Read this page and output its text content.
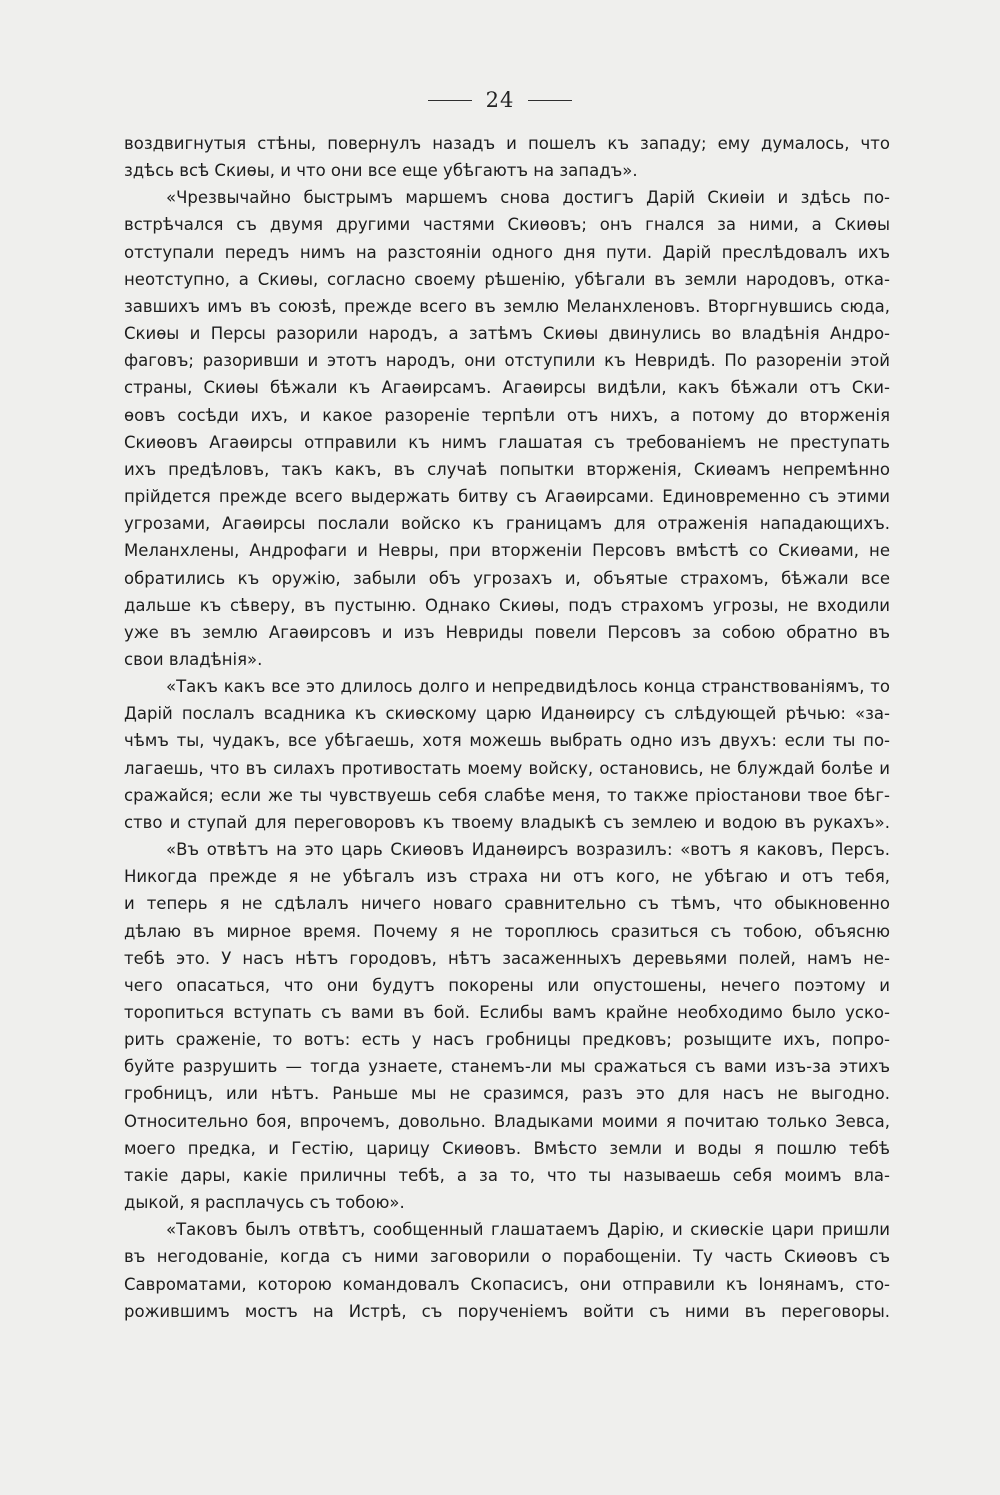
24
воздвигнутыя стѣны, повернулъ назадъ и пошелъ къ западу; ему думалось, что
здѣсь всѣ Скиѳы, и что они все еще убѣгаютъ на западъ».
«Чрезвычайно быстрымъ маршемъ снова достигъ Дарій Скиѳіи и здѣсь по-
встрѣчался съ двумя другими частями Скиѳовъ; онъ гнался за ними, а Скиѳы
отступали передъ нимъ на разстояніи одного дня пути. Дарій преслѣдовалъ ихъ
неотступно, а Скиѳы, согласно своему рѣшенію, убѣгали въ земли народовъ, отка-
завшихъ имъ въ союзѣ, прежде всего въ землю Меланхленовъ. Вторгнувшись сюда,
Скиѳы и Персы разорили народъ, а затѣмъ Скиѳы двинулись во владѣнія Андро-
фаговъ; разоривши и этотъ народъ, они отступили къ Невридѣ. По разореніи этой
страны, Скиѳы бѣжали къ Агаѳирсамъ. Агаѳирсы видѣли, какъ бѣжали отъ Ски-
ѳовъ сосѣди ихъ, и какое разореніе терпѣли отъ нихъ, а потому до вторженія
Скиѳовъ Агаѳирсы отправили къ нимъ глашатая съ требованіемъ не преступать
ихъ предѣловъ, такъ какъ, въ случаѣ попытки вторженія, Скиѳамъ непремѣнно
прійдется прежде всего выдержать битву съ Агаѳирсами. Единовременно съ этими
угрозами, Агаѳирсы послали войско къ границамъ для отраженія нападающихъ.
Меланхлены, Андрофаги и Невры, при вторженіи Персовъ вмѣстѣ со Скиѳами, не
обратились къ оружію, забыли объ угрозахъ и, объятые страхомъ, бѣжали все
дальше къ сѣверу, въ пустыню. Однако Скиѳы, подъ страхомъ угрозы, не входили
уже въ землю Агаѳирсовъ и изъ Невриды повели Персовъ за собою обратно въ
свои владѣнія».
«Такъ какъ все это длилось долго и непредвидѣлось конца странствованіямъ, то
Дарій послалъ всадника къ скиѳскому царю Иданѳирсу съ слѣдующей рѣчью: «за-
чѣмъ ты, чудакъ, все убѣгаешь, хотя можешь выбрать одно изъ двухъ: если ты по-
лагаешь, что въ силахъ противостать моему войску, остановись, не блуждай болѣе и
сражайся; если же ты чувствуешь себя слабѣе меня, то также пріостанови твое бѣг-
ство и ступай для переговоровъ къ твоему владыкѣ съ землею и водою въ рукахъ».
«Въ отвѣтъ на это царь Скиѳовъ Иданѳирсъ возразилъ: «вотъ я каковъ, Персъ.
Никогда прежде я не убѣгалъ изъ страха ни отъ кого, не убѣгаю и отъ тебя,
и теперь я не сдѣлалъ ничего новаго сравнительно съ тѣмъ, что обыкновенно
дѣлаю въ мирное время. Почему я не тороплюсь сразиться съ тобою, объясню
тебѣ это. У насъ нѣтъ городовъ, нѣтъ засаженныхъ деревьями полей, намъ не-
чего опасаться, что они будутъ покорены или опустошены, нечего поэтому и
торопиться вступать съ вами въ бой. Еслибы вамъ крайне необходимо было уско-
рить сраженіе, то вотъ: есть у насъ гробницы предковъ; розыщите ихъ, попро-
буйте разрушить — тогда узнаете, станемъ-ли мы сражаться съ вами изъ-за этихъ
гробницъ, или нѣтъ. Раньше мы не сразимся, разъ это для насъ не выгодно.
Относительно боя, впрочемъ, довольно. Владыками моими я почитаю только Зевса,
моего предка, и Гестію, царицу Скиѳовъ. Вмѣсто земли и воды я пошлю тебѣ
такіе дары, какіе приличны тебѣ, а за то, что ты называешь себя моимъ вла-
дыкой, я расплачусь съ тобою».
«Таковъ былъ отвѣтъ, сообщенный глашатаемъ Дарію, и скиѳскіе цари пришли
въ негодованіе, когда съ ними заговорили о порабощеніи. Ту часть Скиѳовъ съ
Савроматами, которою командовалъ Скопасисъ, они отправили къ Іонянамъ, сто-
рожившимъ мостъ на Истрѣ, съ порученіемъ войти съ ними въ переговоры.
